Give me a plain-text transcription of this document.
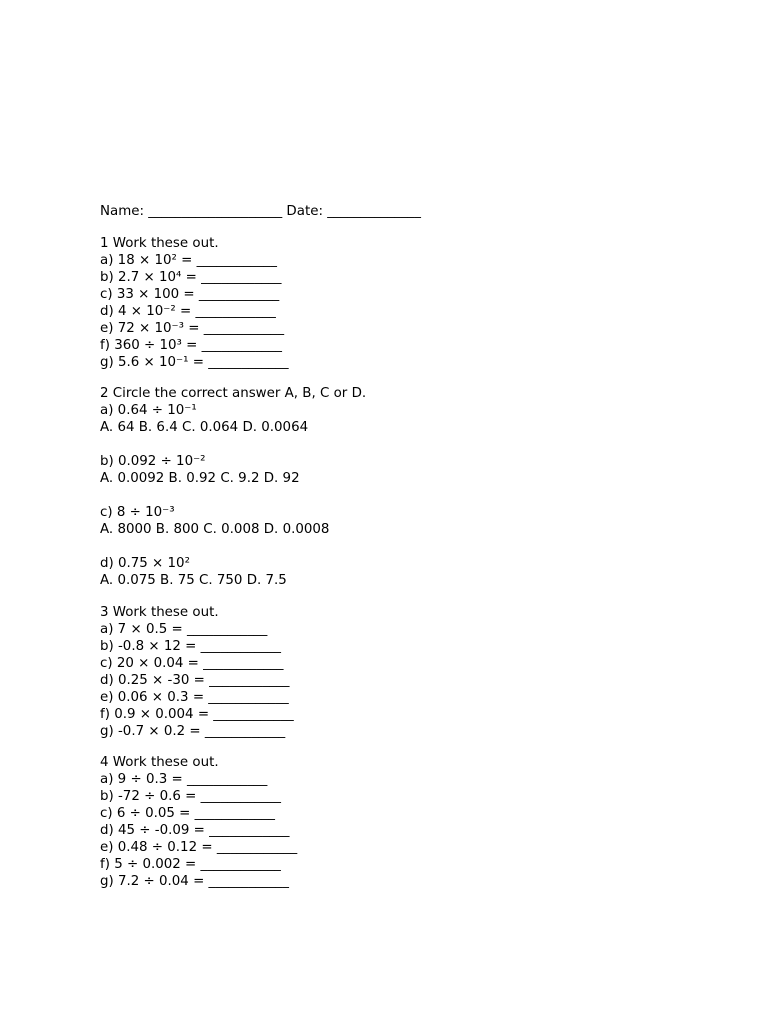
Name: ____________________ Date: ______________
1 Work these out.
a) 18 × 10² = ____________
b) 2.7 × 10⁴ = ____________
c) 33 × 100 = ____________
d) 4 × 10⁻² = ____________
e) 72 × 10⁻³ = ____________
f) 360 ÷ 10³ = ____________
g) 5.6 × 10⁻¹ = ____________
2 Circle the correct answer A, B, C or D.
a) 0.64 ÷ 10⁻¹
A. 64 B. 6.4 C. 0.064 D. 0.0064
b) 0.092 ÷ 10⁻²
A. 0.0092 B. 0.92 C. 9.2 D. 92
c) 8 ÷ 10⁻³
A. 8000 B. 800 C. 0.008 D. 0.0008
d) 0.75 × 10²
A. 0.075 B. 75 C. 750 D. 7.5
3 Work these out.
a) 7 × 0.5 = ____________
b) -0.8 × 12 = ____________
c) 20 × 0.04 = ____________
d) 0.25 × -30 = ____________
e) 0.06 × 0.3 = ____________
f) 0.9 × 0.004 = ____________
g) -0.7 × 0.2 = ____________
4 Work these out.
a) 9 ÷ 0.3 = ____________
b) -72 ÷ 0.6 = ____________
c) 6 ÷ 0.05 = ____________
d) 45 ÷ -0.09 = ____________
e) 0.48 ÷ 0.12 = ____________
f) 5 ÷ 0.002 = ____________
g) 7.2 ÷ 0.04 = ____________
